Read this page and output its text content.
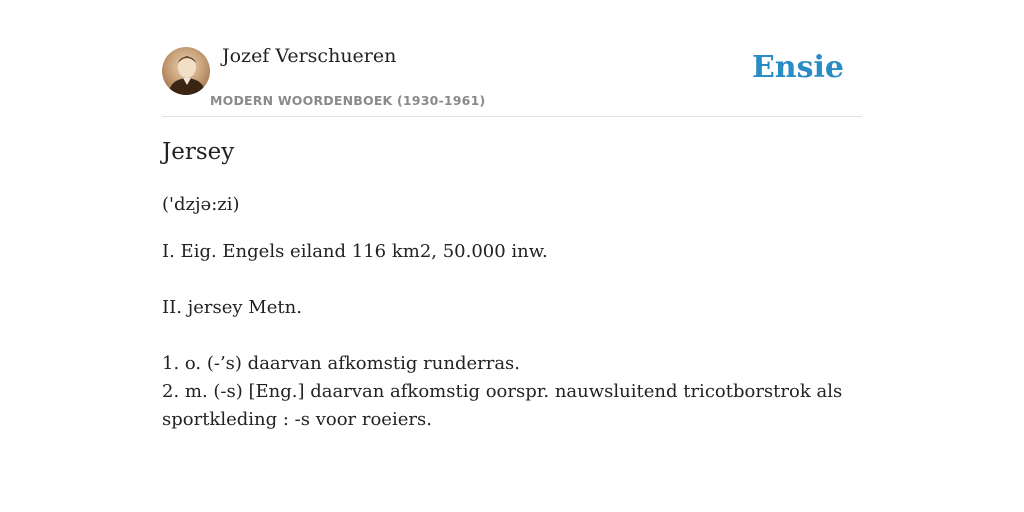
Jozef Verschueren
MODERN WOORDENBOEK (1930-1961)
Ensie
Jersey
('dzjə:zi)
I. Eig. Engels eiland 116 km2, 50.000 inw.
II. jersey Metn.
1. o. (-’s) daarvan afkomstig runderras.
2. m. (-s) [Eng.] daarvan afkomstig oorspr. nauwsluitend tricotborstrok als
sportkleding : -s voor roeiers.
